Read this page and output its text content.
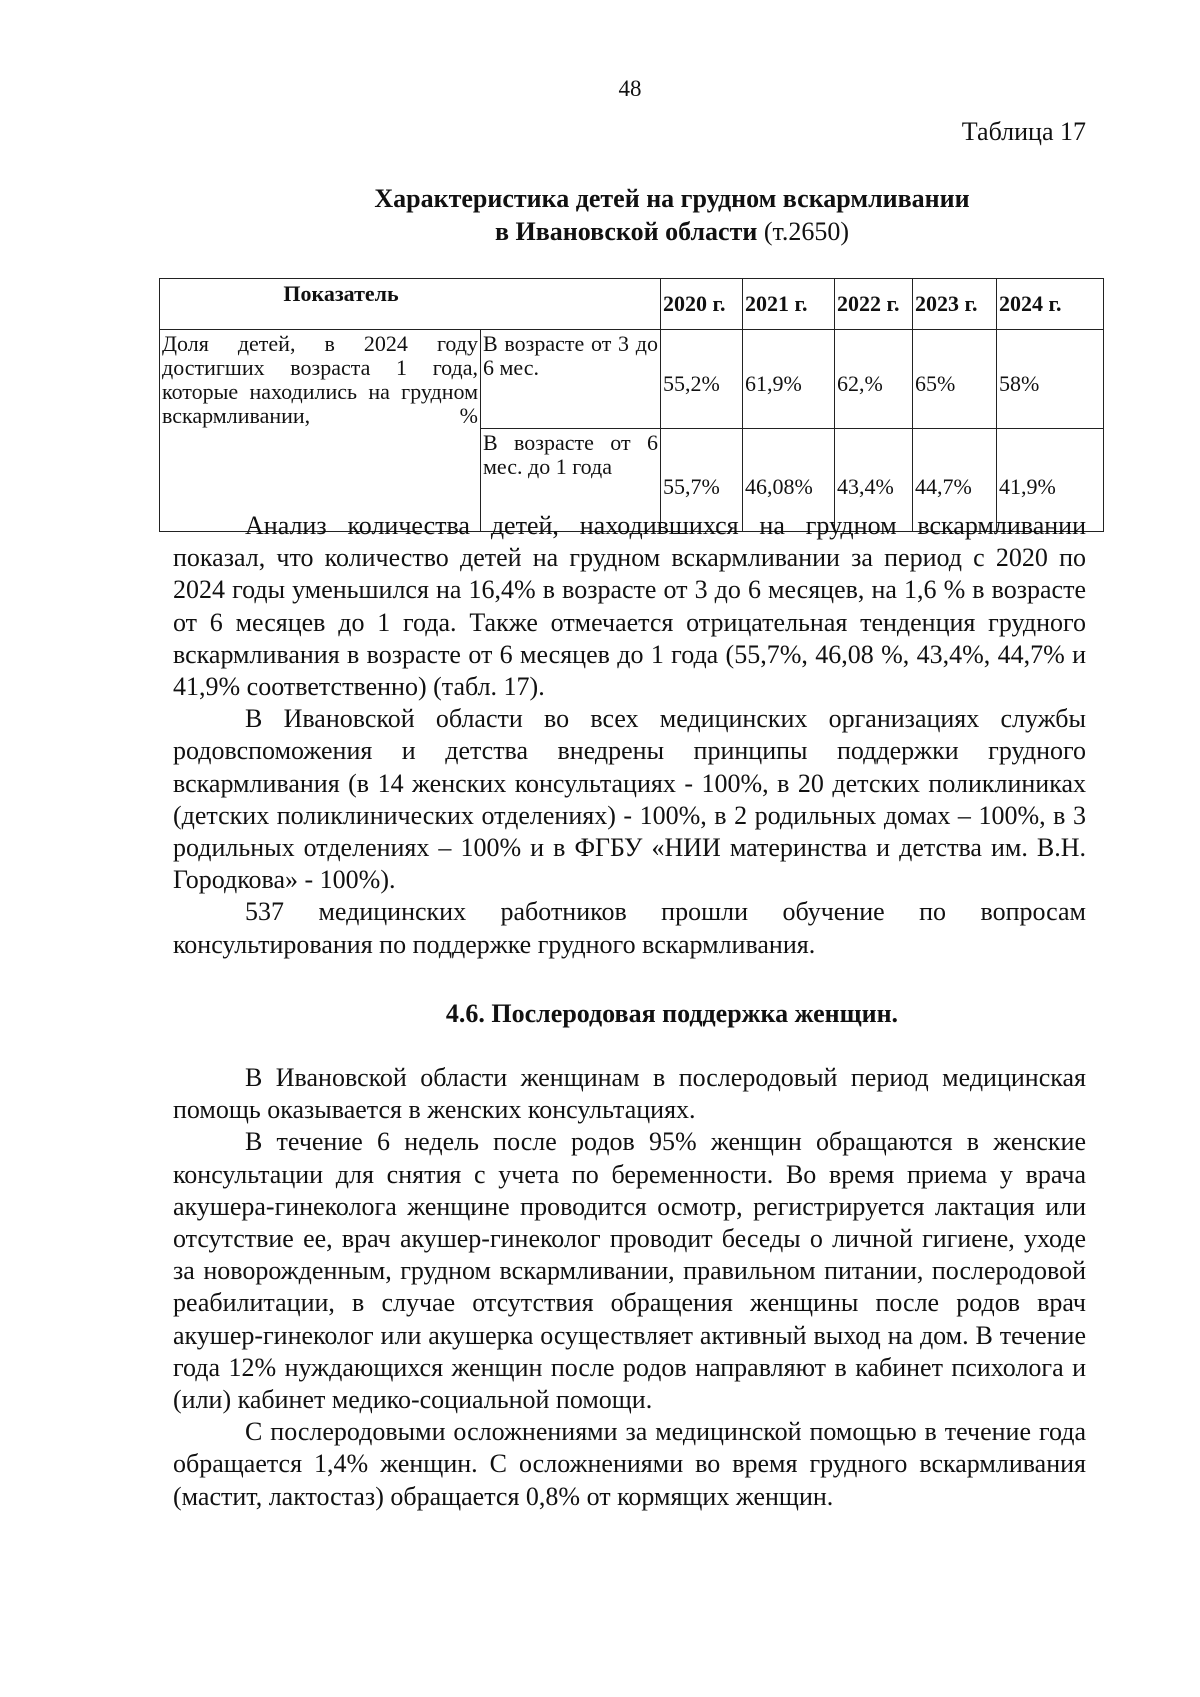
48
Таблица 17
Характеристика детей на грудном вскармливании
в Ивановской области (т.2650)
Показатель		2020 г.	2021 г.	2022 г.	2023 г.	2024 г.
Доля детей, в 2024 году достигших возраста 1 года, которые находились на грудном вскармливании, %	В возрасте от 3 до 6 мес.	55,2%	61,9%	62,%	65%	58%
	В возрасте от 6 мес. до 1 года	55,7%	46,08%	43,4%	44,7%	41,9%

Анализ количества детей, находившихся на грудном вскармливании показал, что количество детей на грудном вскармливании за период с 2020 по 2024 годы уменьшился на 16,4% в возрасте от 3 до 6 месяцев, на 1,6 % в возрасте от 6 месяцев до 1 года. Также отмечается отрицательная тенденция грудного вскармливания в возрасте от 6 месяцев до 1 года (55,7%, 46,08 %, 43,4%, 44,7% и 41,9% соответственно) (табл. 17).

В Ивановской области во всех медицинских организациях службы родовспоможения и детства внедрены принципы поддержки грудного вскармливания (в 14 женских консультациях - 100%, в 20 детских поликлиниках (детских поликлинических отделениях) - 100%, в 2 родильных домах – 100%, в 3 родильных отделениях – 100% и в ФГБУ «НИИ материнства и детства им. В.Н. Городкова» - 100%).

537 медицинских работников прошли обучение по вопросам консультирования по поддержке грудного вскармливания.

4.6. Послеродовая поддержка женщин.

В Ивановской области женщинам в послеродовый период медицинская помощь оказывается в женских консультациях.

В течение 6 недель после родов 95% женщин обращаются в женские консультации для снятия с учета по беременности. Во время приема у врача акушера-гинеколога женщине проводится осмотр, регистрируется лактация или отсутствие ее, врач акушер-гинеколог проводит беседы о личной гигиене, уходе за новорожденным, грудном вскармливании, правильном питании, послеродовой реабилитации, в случае отсутствия обращения женщины после родов врач акушер-гинеколог или акушерка осуществляет активный выход на дом. В течение года 12% нуждающихся женщин после родов направляют в кабинет психолога и (или) кабинет медико-социальной помощи.

С послеродовыми осложнениями за медицинской помощью в течение года обращается 1,4% женщин. С осложнениями во время грудного вскармливания (мастит, лактостаз) обращается 0,8% от кормящих женщин.
